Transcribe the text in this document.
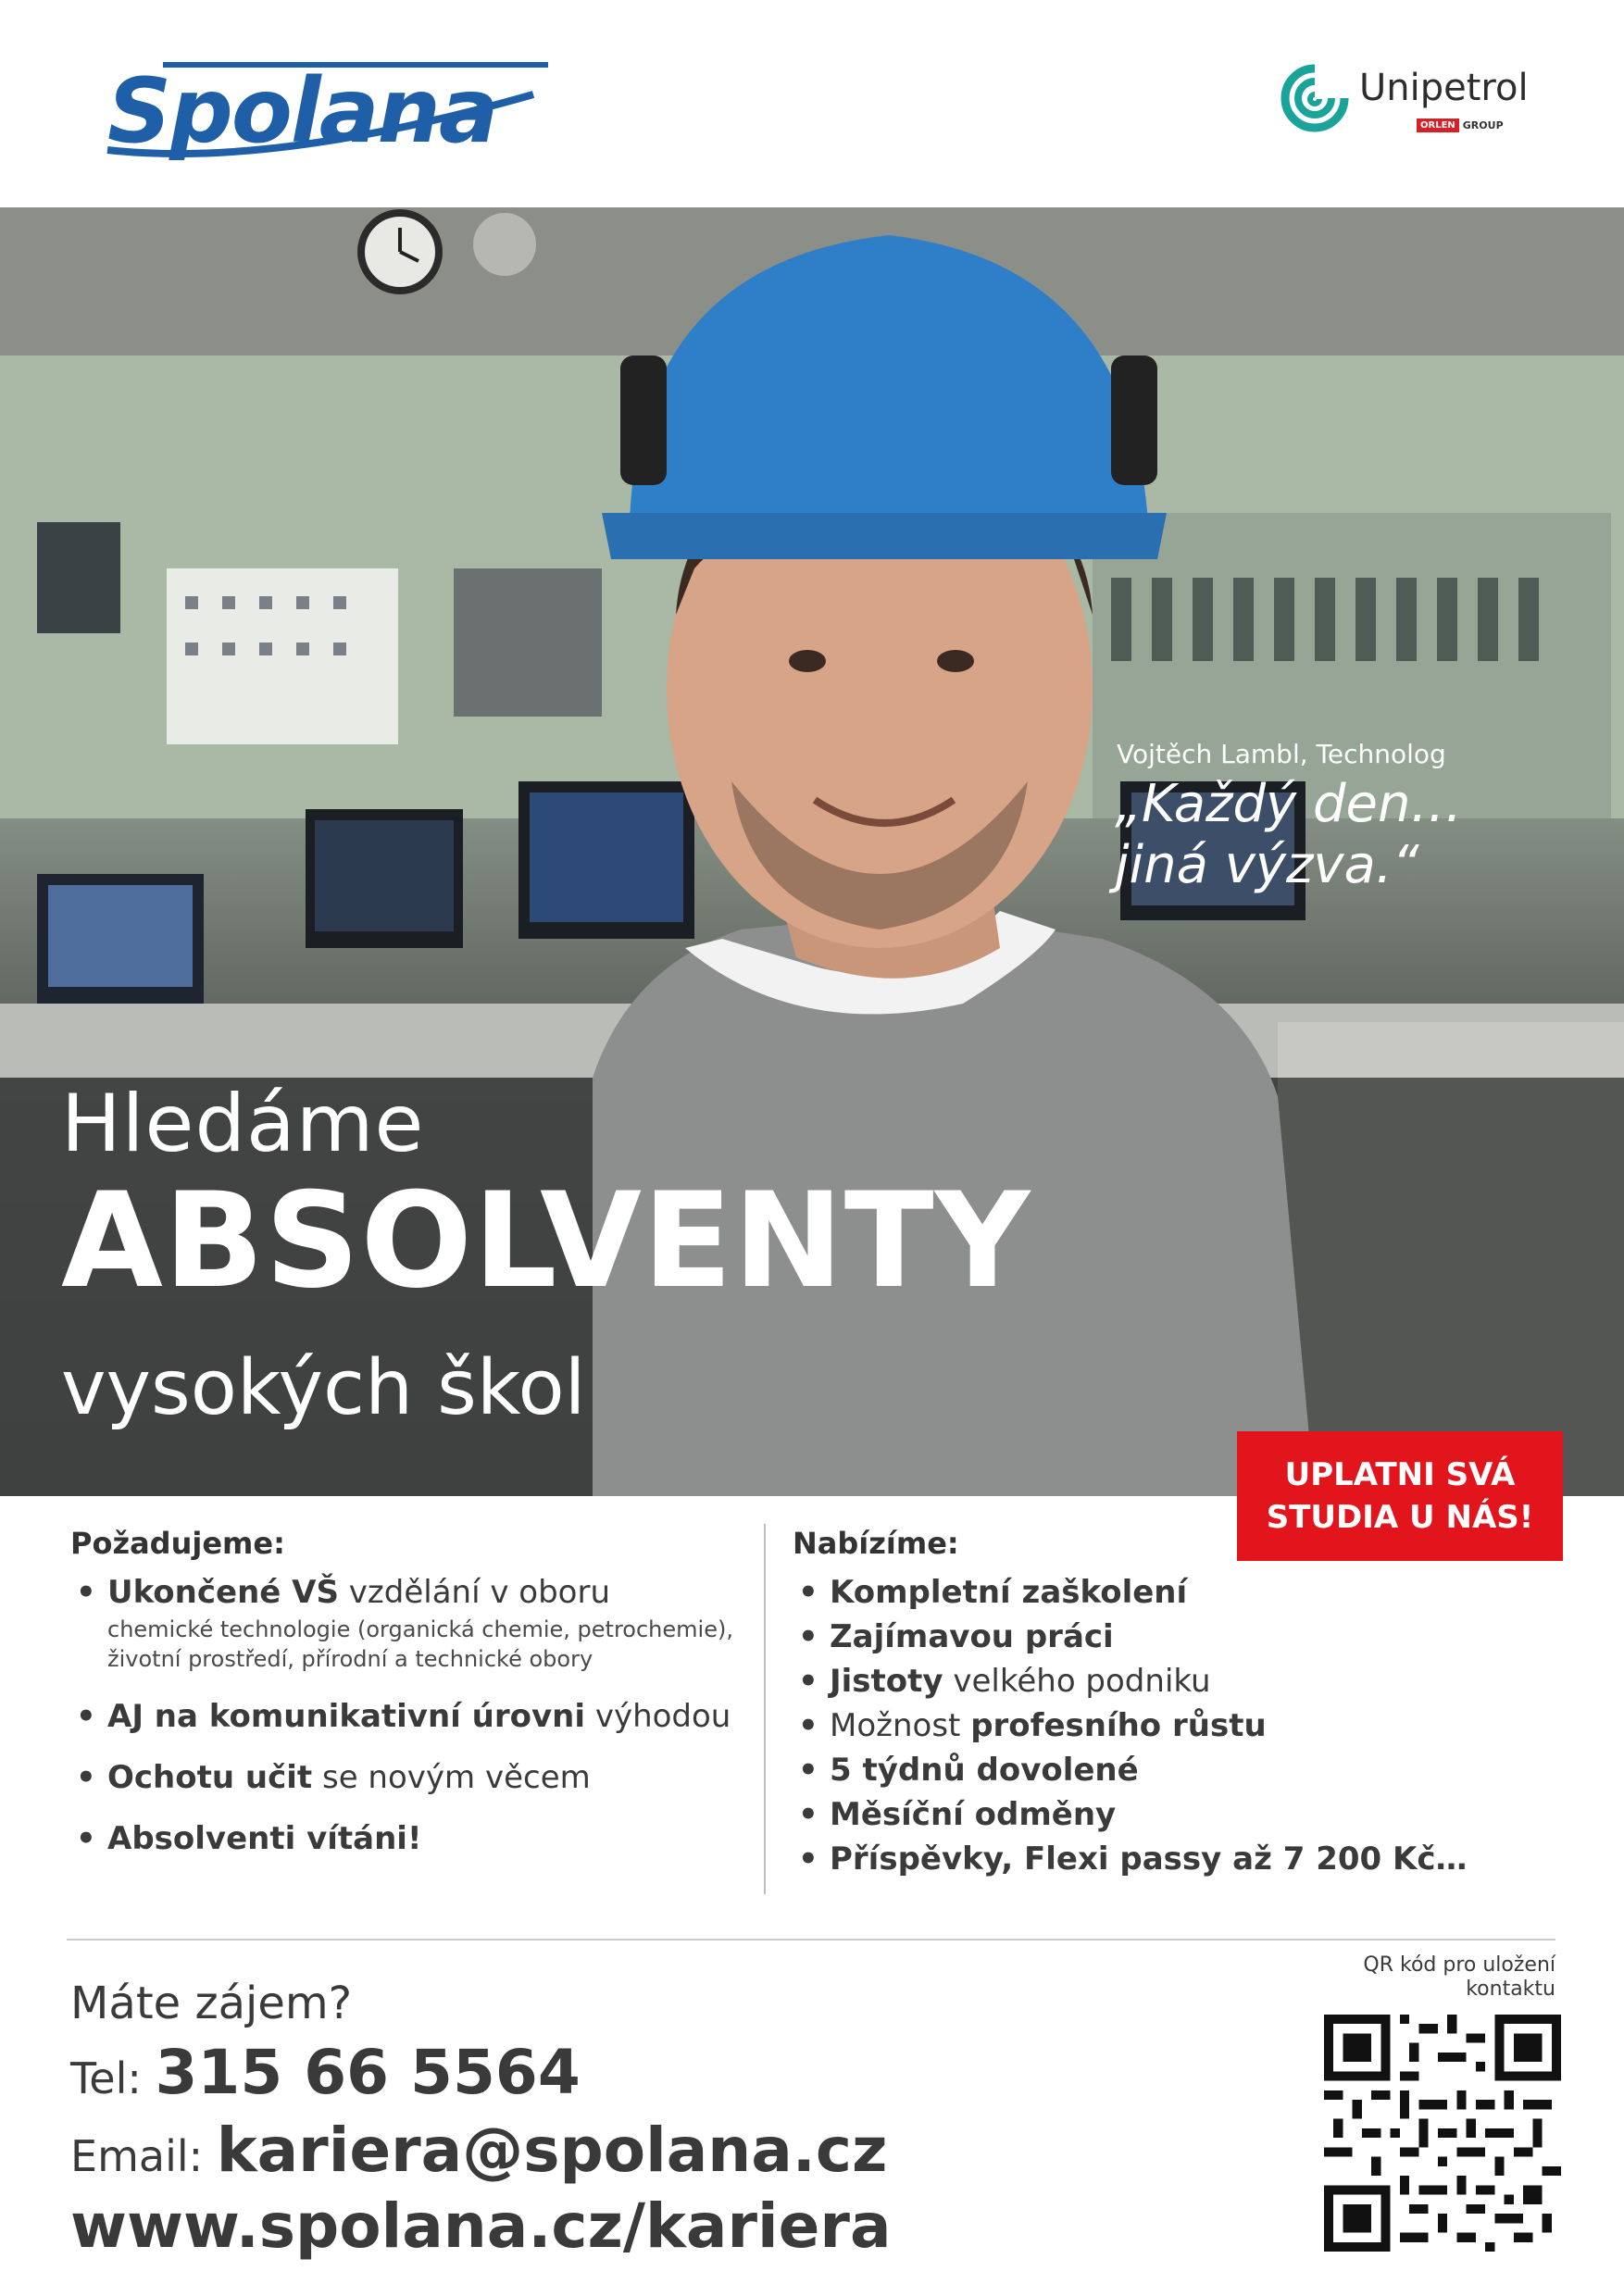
Spolana	Unipetrol
ORLEN GROUP
Vojtěch Lambl, Technolog
„Každý den… jiná výzva.“
Hledáme
ABSOLVENTY
vysokých škol
UPLATNI SVÁ
STUDIA U NÁS!
Požadujeme:
• Ukončené VŠ vzdělání v oboru
chemické technologie (organická chemie, petrochemie), životní prostředí, přírodní a technické obory
• AJ na komunikativní úrovni výhodou
• Ochotu učit se novým věcem
• Absolventi vítáni!
Nabízíme:
• Kompletní zaškolení
• Zajímavou práci
• Jistoty velkého podniku
• Možnost profesního růstu
• 5 týdnů dovolené
• Měsíční odměny
• Příspěvky, Flexi passy až 7 200 Kč…
Máte zájem?
Tel: 315 66 5564
Email: kariera@spolana.cz
www.spolana.cz/kariera
QR kód pro uložení kontaktu
